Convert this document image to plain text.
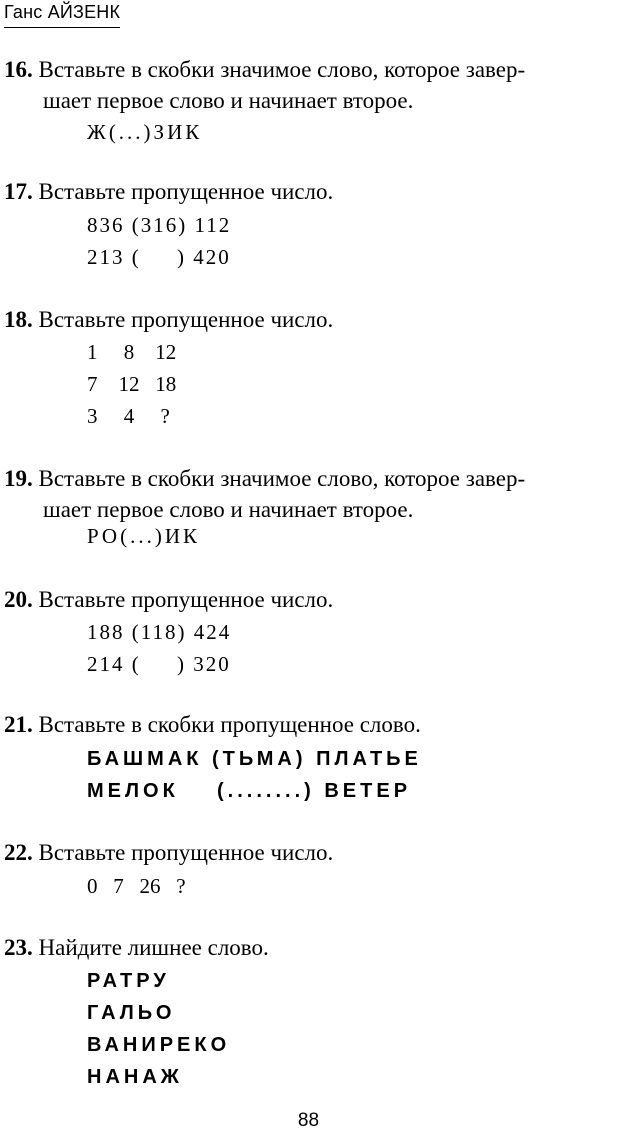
Ганс АЙЗЕНК
16. Вставьте в скобки значимое слово, которое завер-
шает первое слово и начинает второе.
Ж(...)ЗИК
17. Вставьте пропущенное число.
836 (316) 112
213 (     ) 420
18. Вставьте пропущенное число.
1     8    12
7    12   18
3     4     ?
19. Вставьте в скобки значимое слово, которое завер-
шает первое слово и начинает второе.
РО(...)ИК
20. Вставьте пропущенное число.
188 (118) 424
214 (     ) 320
21. Вставьте в скобки пропущенное слово.
БАШМАК (ТЬМА) ПЛАТЬЕ
МЕЛОК    (........) ВЕТЕР
22. Вставьте пропущенное число.
0   7   26   ?
23. Найдите лишнее слово.
РАТРУ
ГАЛЬО
ВАНИРЕКО
НАНАЖ
88
